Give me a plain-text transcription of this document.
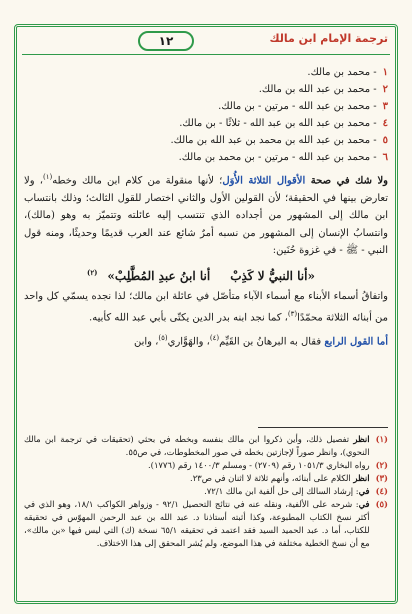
١٢	ترجمة الإمام ابن مالك
١- محمد بن مالك.
٢- محمد بن عبد الله بن مالك.
٣- محمد بن عبد الله - مرتين - بن مالك.
٤- محمد بن عبد الله بن عبد الله - ثلاثًا - بن مالك.
٥- محمد بن عبد الله بن محمد بن عبد الله بن مالك.
٦- محمد بن عبد الله - مرتين - بن محمد بن مالك.

ولا شك في صحة الأقوال الثلاثة الأُوَل؛ لأنها منقولة من كلام ابن مالك وخطه$^{(١)}$، ولا تعارض بينها في الحقيقة؛ لأن القولين الأول والثاني اختصار للقول الثالث؛ وذلك بانتساب ابن مالك إلى المشهور من أجداده الذي تنتسب إليه عائلته وتتميّز به وهو (مالك)، وانتسابُ الإنسان إلى المشهور من نسبه أمرٌ شائع عند العرب قديمًا وحديثًا، ومنه قول النبي - ﷺ - في غزوة حُنَين:

«أنا النبيُّ لا كَذِبْأنا ابنُ عبدِ المُطَّلِبْ»$^{(٢)}$

واتفاقُ أسماء الأبناء مع أسماء الآباء متأصّل في عائلة ابن مالك؛ لذا نجده يسمّي كل واحد من أبنائه الثلاثة محمّدًا$^{(٣)}$، كما نجد ابنه بدر الدين يكتّى بأبي عبد الله كأبيه.

أما القول الرابع فقال به البرهانُ بن القَيِّم$^{(٤)}$، والهَوَّاري$^{(٥)}$، وابن

(١)
انظر تفصيل ذلك، وأين ذكروا ابن مالك بنفسه وبخطه في بحثي (تحقيقات في ترجمة ابن مالك النحوي)، وانظر صوراً لإجازتين بخطه في صور المخطوطات، في ص٥٥.
(٢)
رواه البخاري ١٠٥١/٣ رقم (٢٧٠٩) - ومسلم ١٤٠٠/٣ رقم (١٧٧٦).
(٣)
انظر الكلام على أبنائه، وأنهم ثلاثة لا اثنان في ص٢٣.
(٤)
في: إرشاد السالك إلى حل ألفية ابن مالك ٧٢/١.
(٥)
في: شرحه على الألفية، ونقله عنه في نتائج التحصيل ٩٢/١ - وزواهر الكواكب ١٨/١، وهو الذي في أكثر نسخ الكتاب المطبوعة، وكذا أثبته أستاذنا د. عبد الله بن عبد الرحمن المهوّس في تحقيقه للكتاب، أما د. عبد الحميد السيد فقد اعتمد في تحقيقه ٦٥/١ نسخة (ك) التي ليس فيها «بن مالك»، مع أن نسخ الخطية مختلفة في هذا الموضع، ولم يُشر المحقق إلى هذا الاختلاف.
